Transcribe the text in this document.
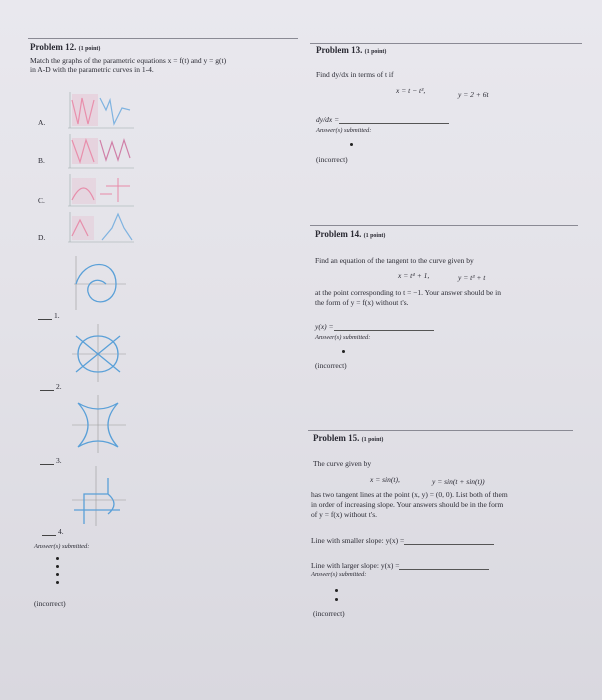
Problem 12. (1 point)
Match the graphs of the parametric equations x = f(t) and y = g(t)
in A-D with the parametric curves in 1-4.
A.
B.
C.
D.
1.
2.
3.
4.
Answer(s) submitted:
(incorrect)
Problem 13. (1 point)
Find dy/dx in terms of t if
x = t − t³,	y = 2 + 6t
dy/dx =
Answer(s) submitted:
(incorrect)
Problem 14. (1 point)
Find an equation of the tangent to the curve given by
x = t⁴ + 1,	y = t³ + t
at the point corresponding to t = −1. Your answer should be in
the form of y = f(x) without t's.
y(x) =
Answer(s) submitted:
(incorrect)
Problem 15. (1 point)
The curve given by
x = sin(t),	y = sin(t + sin(t))
has two tangent lines at the point (x, y) = (0, 0). List both of them
in order of increasing slope. Your answers should be in the form
of y = f(x) without t's.
Line with smaller slope: y(x) =
Line with larger slope: y(x) =
Answer(s) submitted:
(incorrect)
